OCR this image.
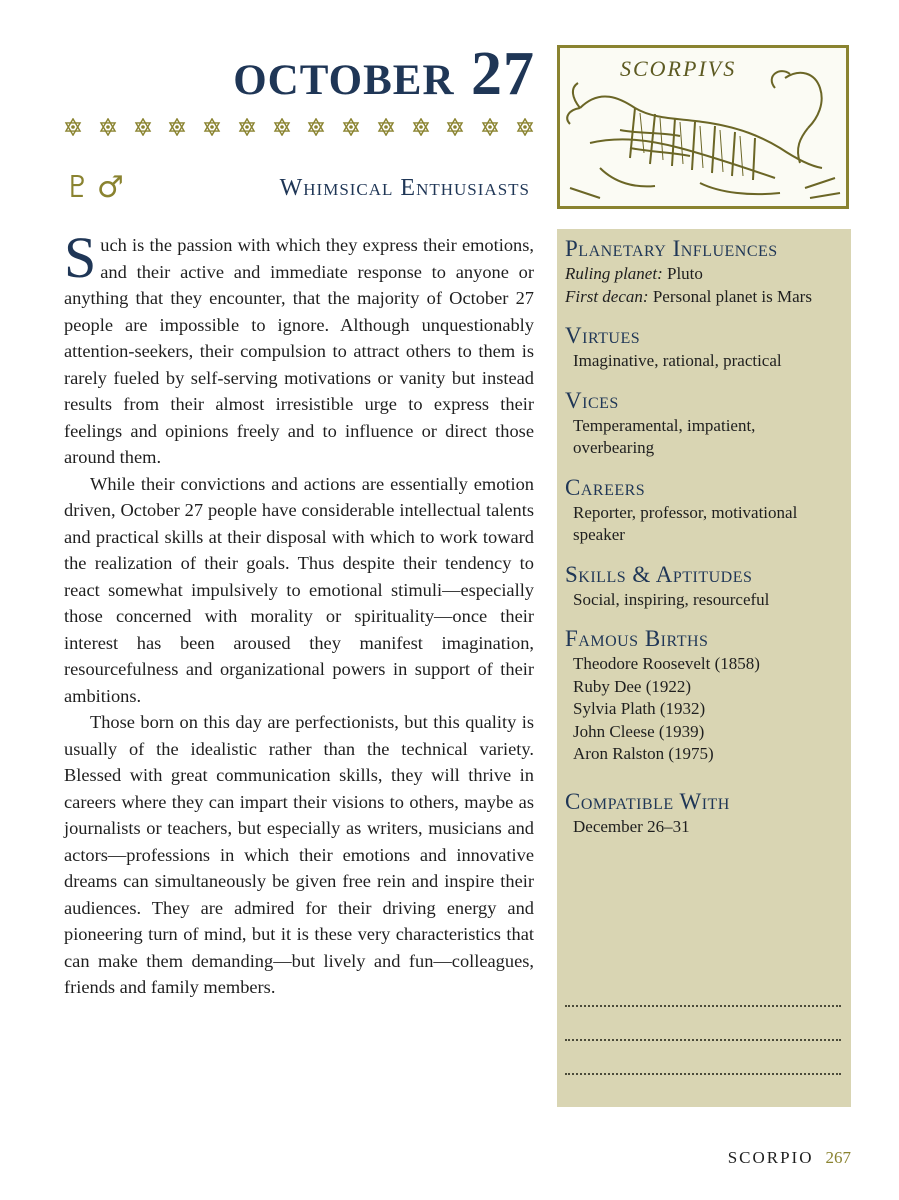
october 27
♇♂	Whimsical Enthusiasts
SCORPIVS

Such is the passion with which they express their emotions, and their active and immediate response to anyone or anything that they encounter, that the majority of October 27 people are impossible to ignore. Although unquestionably attention-seekers, their compulsion to attract others to them is rarely fueled by self-serving motivations or vanity but instead results from their almost irresistible urge to express their feelings and opinions freely and to influence or direct those around them.

While their convictions and actions are essentially emotion driven, October 27 people have considerable intellectual talents and practical skills at their disposal with which to work toward the realization of their goals. Thus despite their tendency to react somewhat impulsively to emotional stimuli—especially those concerned with morality or spirituality—once their interest has been aroused they manifest imagination, resourcefulness and organizational powers in support of their ambitions.

Those born on this day are perfectionists, but this quality is usually of the idealistic rather than the technical variety. Blessed with great communication skills, they will thrive in careers where they can impart their visions to others, maybe as journalists or teachers, but especially as writers, musicians and actors—professions in which their emotions and innovative dreams can simultaneously be given free rein and inspire their audiences. They are admired for their driving energy and pioneering turn of mind, but it is these very characteristics that can make them demanding—but lively and fun—colleagues, friends and family members.

Planetary Influences
Ruling planet: Pluto
First decan: Personal planet is Mars
Virtues
Imaginative, rational, practical
Vices
Temperamental, impatient,
overbearing
Careers
Reporter, professor, motivational
speaker
Skills & Aptitudes
Social, inspiring, resourceful
Famous Births
Theodore Roosevelt (1858)
Ruby Dee (1922)
Sylvia Plath (1932)
John Cleese (1939)
Aron Ralston (1975)
Compatible With
December 26–31
SCORPIO 267
